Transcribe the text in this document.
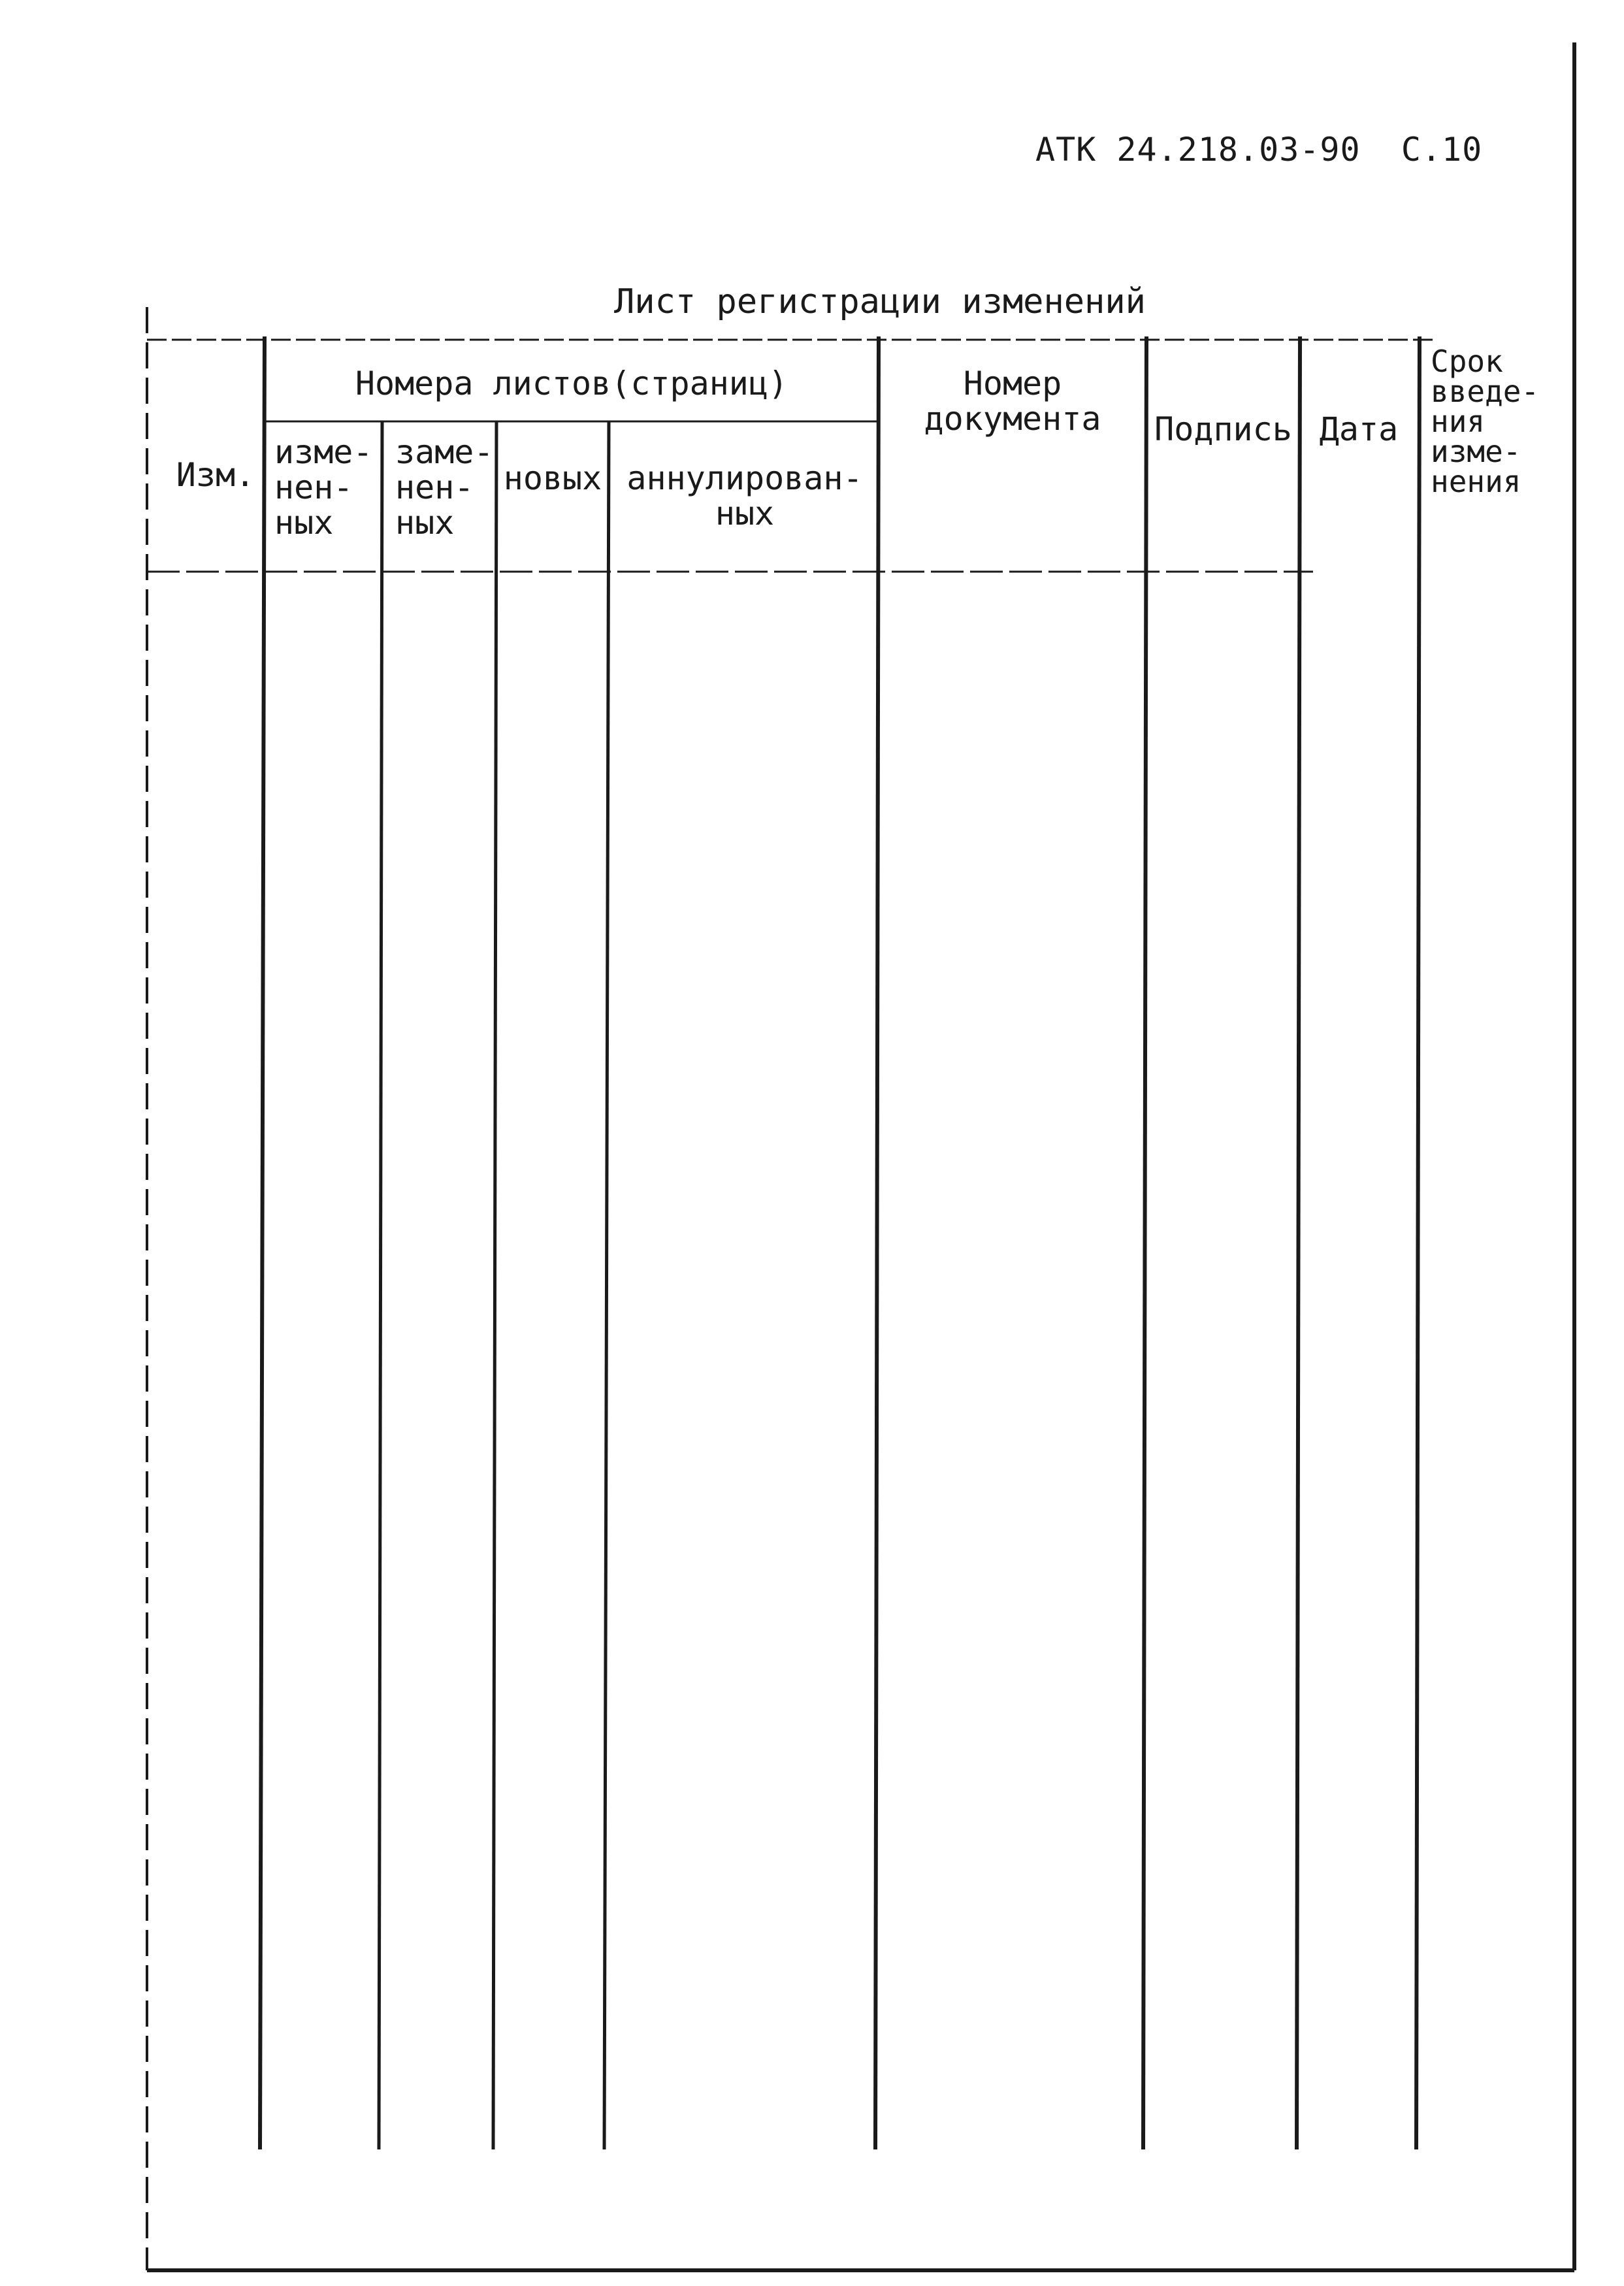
АТК 24.218.03-90  С.10
Лист регистрации изменений
Изм.
Номера листов(страниц)
изме-
нен-
ных
заме-
нен-
ных
новых аннулирован-
ных
Номер
документа	Подпись Дата
Срок
введе-
ния
изме-
нения
